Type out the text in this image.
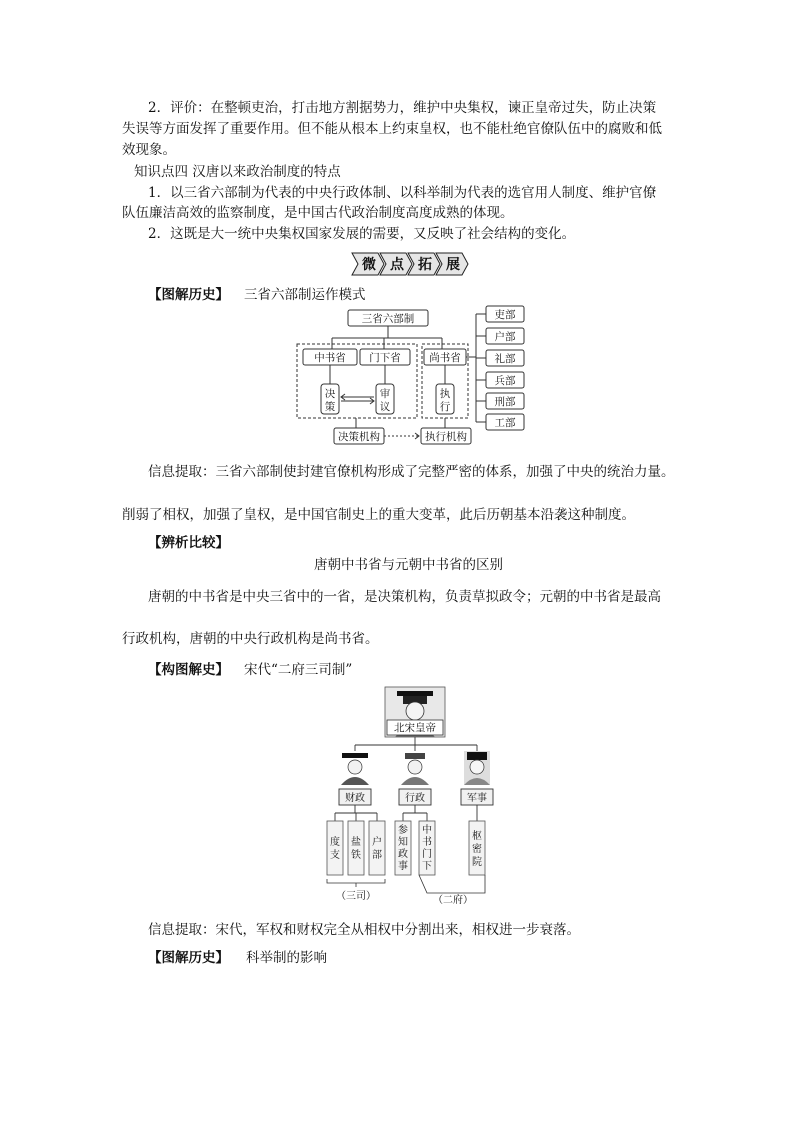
2．评价：在整顿吏治，打击地方割据势力，维护中央集权，谏正皇帝过失，防止决策
失误等方面发挥了重要作用。但不能从根本上约束皇权，也不能杜绝官僚队伍中的腐败和低
效现象。
知识点四 汉唐以来政治制度的特点
1．以三省六部制为代表的中央行政体制、以科举制为代表的选官用人制度、维护官僚
队伍廉洁高效的监察制度，是中国古代政治制度高度成熟的体现。
2．这既是大一统中央集权国家发展的需要，又反映了社会结构的变化。
微 点 拓 展
【图解历史】 三省六部制运作模式
三省六部制
中书省 门下省	尚书省
决
策
审
议
执
行
决策机构	执行机构
吏部
户部
礼部
兵部
刑部
工部
信息提取：三省六部制使封建官僚机构形成了完整严密的体系，加强了中央的统治力量。
削弱了相权，加强了皇权，是中国官制史上的重大变革，此后历朝基本沿袭这种制度。
【辨析比较】
唐朝中书省与元朝中书省的区别
唐朝的中书省是中央三省中的一省，是决策机构，负责草拟政令；元朝的中书省是最高
行政机构，唐朝的中央行政机构是尚书省。
【构图解史】 宋代“二府三司制”
北宋皇帝
财政	行政	军事
度
支
盐
铁
户
部
参
知
政
事
中
书
门
下
枢
密
院
（三司）	（二府）
信息提取：宋代，军权和财权完全从相权中分割出来，相权进一步衰落。
【图解历史】 科举制的影响
